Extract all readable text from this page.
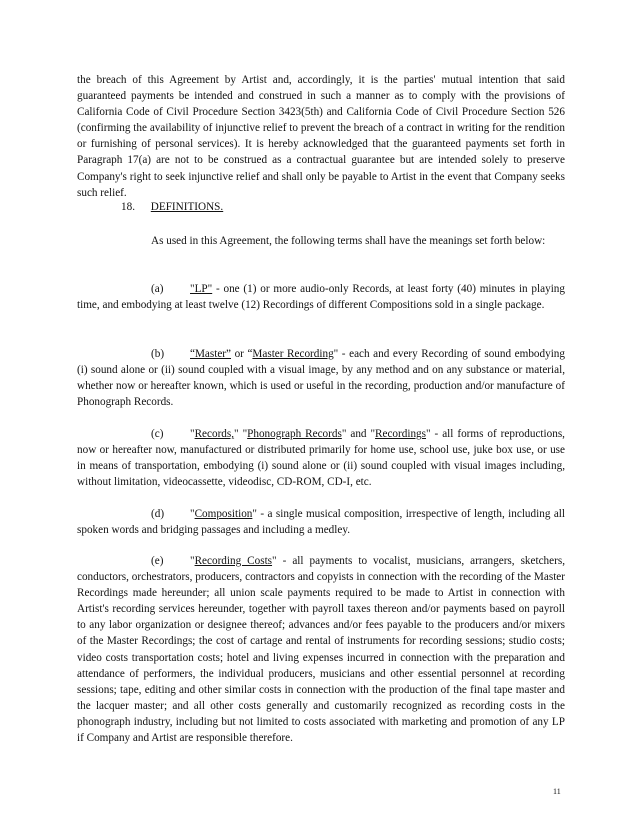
the breach of this Agreement by Artist and, accordingly, it is the parties' mutual intention that said guaranteed payments be intended and construed in such a manner as to comply with the provisions of California Code of Civil Procedure Section 3423(5th) and California Code of Civil Procedure Section 526 (confirming the availability of injunctive relief to prevent the breach of a contract in writing for the rendition or furnishing of personal services). It is hereby acknowledged that the guaranteed payments set forth in Paragraph 17(a) are not to be construed as a contractual guarantee but are intended solely to preserve Company's right to seek injunctive relief and shall only be payable to Artist in the event that Company seeks such relief.

18. DEFINITIONS.

As used in this Agreement, the following terms shall have the meanings set forth below:

(a) "LP" - one (1) or more audio-only Records, at least forty (40) minutes in playing time, and embodying at least twelve (12) Recordings of different Compositions sold in a single package.

(b) “Master” or “Master Recording" - each and every Recording of sound embodying (i) sound alone or (ii) sound coupled with a visual image, by any method and on any substance or material, whether now or hereafter known, which is used or useful in the recording, production and/or manufacture of Phonograph Records.

(c) "Records," "Phonograph Records" and "Recordings" - all forms of reproductions, now or hereafter now, manufactured or distributed primarily for home use, school use, juke box use, or use in means of transportation, embodying (i) sound alone or (ii) sound coupled with visual images including, without limitation, videocassette, videodisc, CD-ROM, CD-I, etc.

(d) "Composition" - a single musical composition, irrespective of length, including all spoken words and bridging passages and including a medley.

(e) "Recording Costs" - all payments to vocalist, musicians, arrangers, sketchers, conductors, orchestrators, producers, contractors and copyists in connection with the recording of the Master Recordings made hereunder; all union scale payments required to be made to Artist in connection with Artist's recording services hereunder, together with payroll taxes thereon and/or payments based on payroll to any labor organization or designee thereof; advances and/or fees payable to the producers and/or mixers of the Master Recordings; the cost of cartage and rental of instruments for recording sessions; studio costs; video costs transportation costs; hotel and living expenses incurred in connection with the preparation and attendance of performers, the individual producers, musicians and other essential personnel at recording sessions; tape, editing and other similar costs in connection with the production of the final tape master and the lacquer master; and all other costs generally and customarily recognized as recording costs in the phonograph industry, including but not limited to costs associated with marketing and promotion of any LP if Company and Artist are responsible therefore.

11
